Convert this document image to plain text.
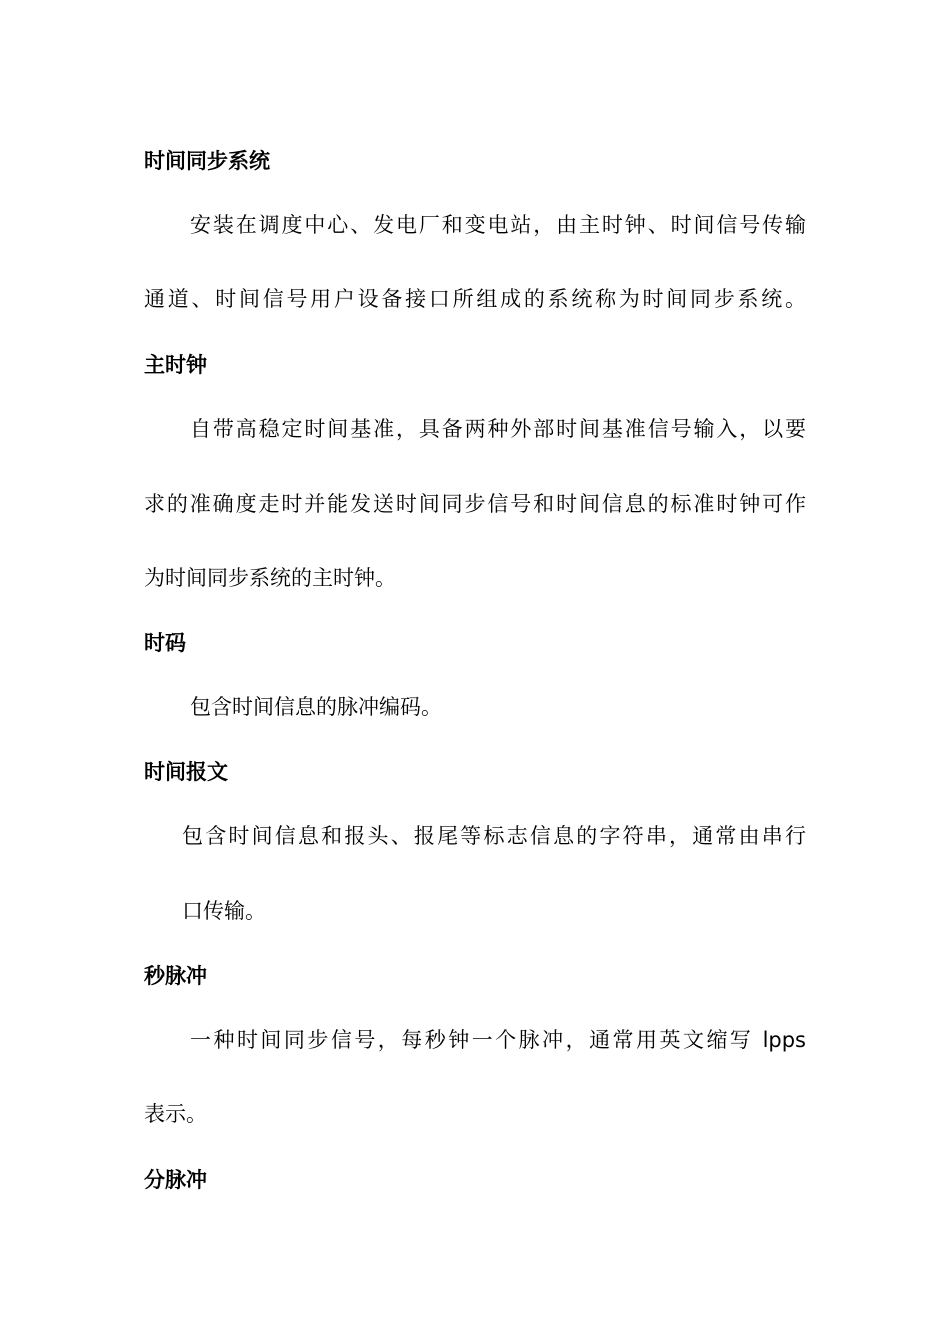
时间同步系统

安装在调度中心、发电厂和变电站，由主时钟、时间信号传输

通道、时间信号用户设备接口所组成的系统称为时间同步系统。

主时钟

自带高稳定时间基准，具备两种外部时间基准信号输入，以要

求的准确度走时并能发送时间同步信号和时间信息的标准时钟可作

为时间同步系统的主时钟。

时码

包含时间信息的脉冲编码。

时间报文

包含时间信息和报头、报尾等标志信息的字符串，通常由串行

口传输。

秒脉冲

一种时间同步信号，每秒钟一个脉冲，通常用英文缩写 lpps

表示。

分脉冲
